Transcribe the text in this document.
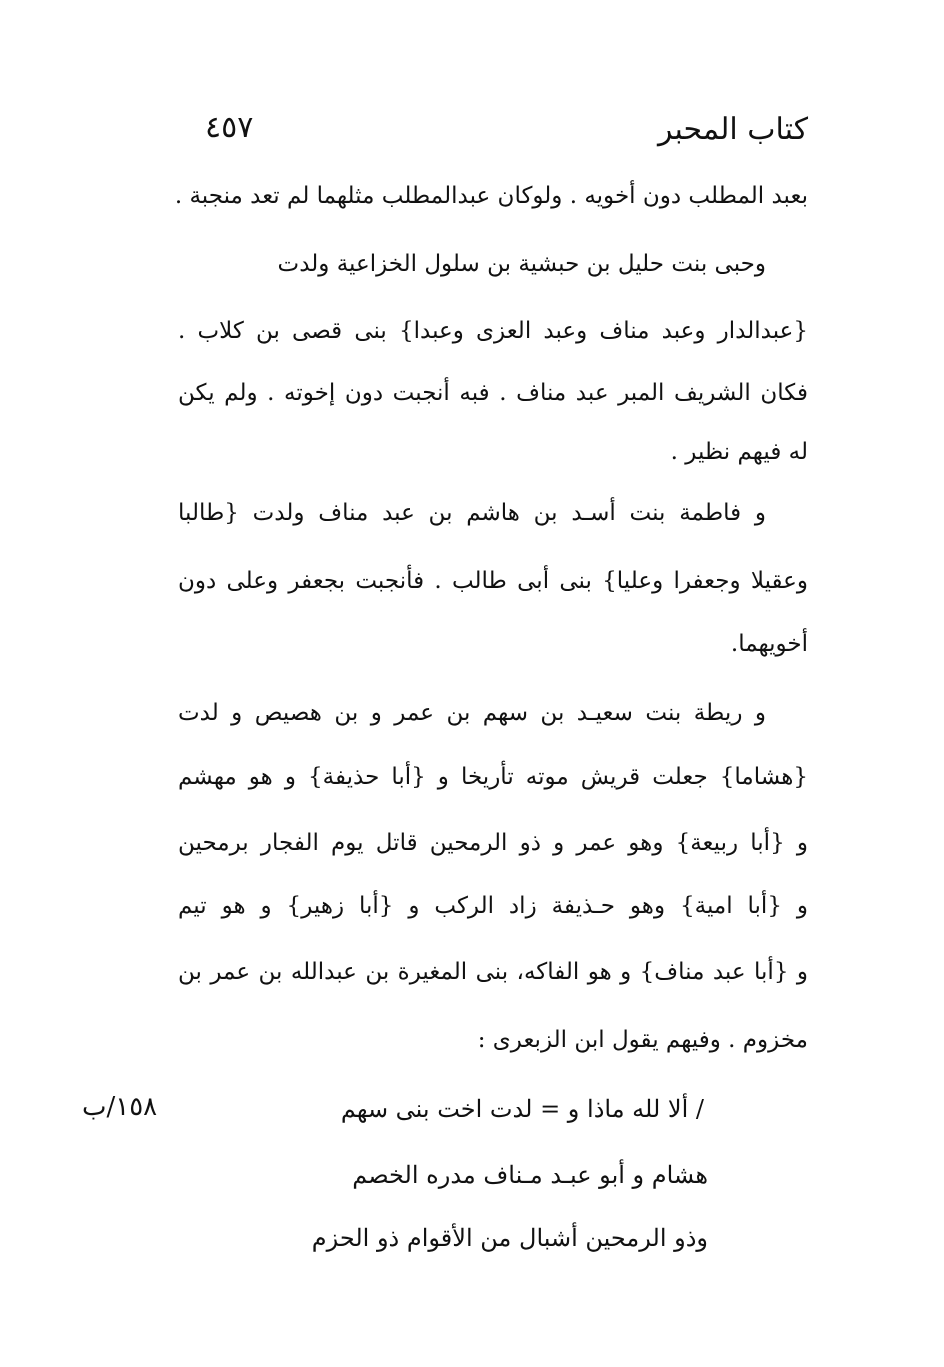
كتاب المحبر
٤٥٧
بعبد المطلب دون أخويه . ولوكان عبدالمطلب مثلهما لم تعد منجبة .
وحبى بنت حليل بن حبشية بن سلول الخزاعية ولدت
{عبدالدار وعبد مناف وعبد العزى وعبدا} بنى قصى بن كلاب .
فكان الشريف المبر عبد مناف . فبه أنجبت دون إخوته . ولم يكن
له فيهم نظير .
و فاطمة بنت أسـد بن هاشم بن عبد مناف ولدت {طالبا
وعقيلا وجعفرا وعليا} بنى أبى طالب . فأنجبت بجعفر وعلى دون
أخويهما.
و ريطة بنت سعيـد بن سهم بن عمر و بن هصيص و لدت
{هشاما} جعلت قريش موته تأريخا و {أبا حذيفة} و هو مهشم
و {أبا ربيعة} وهو عمر و ذو الرمحين قاتل يوم الفجار برمحين
و {أبا امية} وهو حـذيفة زاد الركب و {أبا زهير} و هو تيم
و {أبا عبد مناف} و هو الفاكه، بنى المغيرة بن عبدالله بن عمر بن
مخزوم . وفيهم يقول ابن الزبعرى :
/ ألا لله ماذا و = لدت اخت بنى سهم
هشام و أبو عبـد مـناف مدره الخصم
وذو الرمحين أشبال من الأقوام ذو الحزم
١٥٨/ب
